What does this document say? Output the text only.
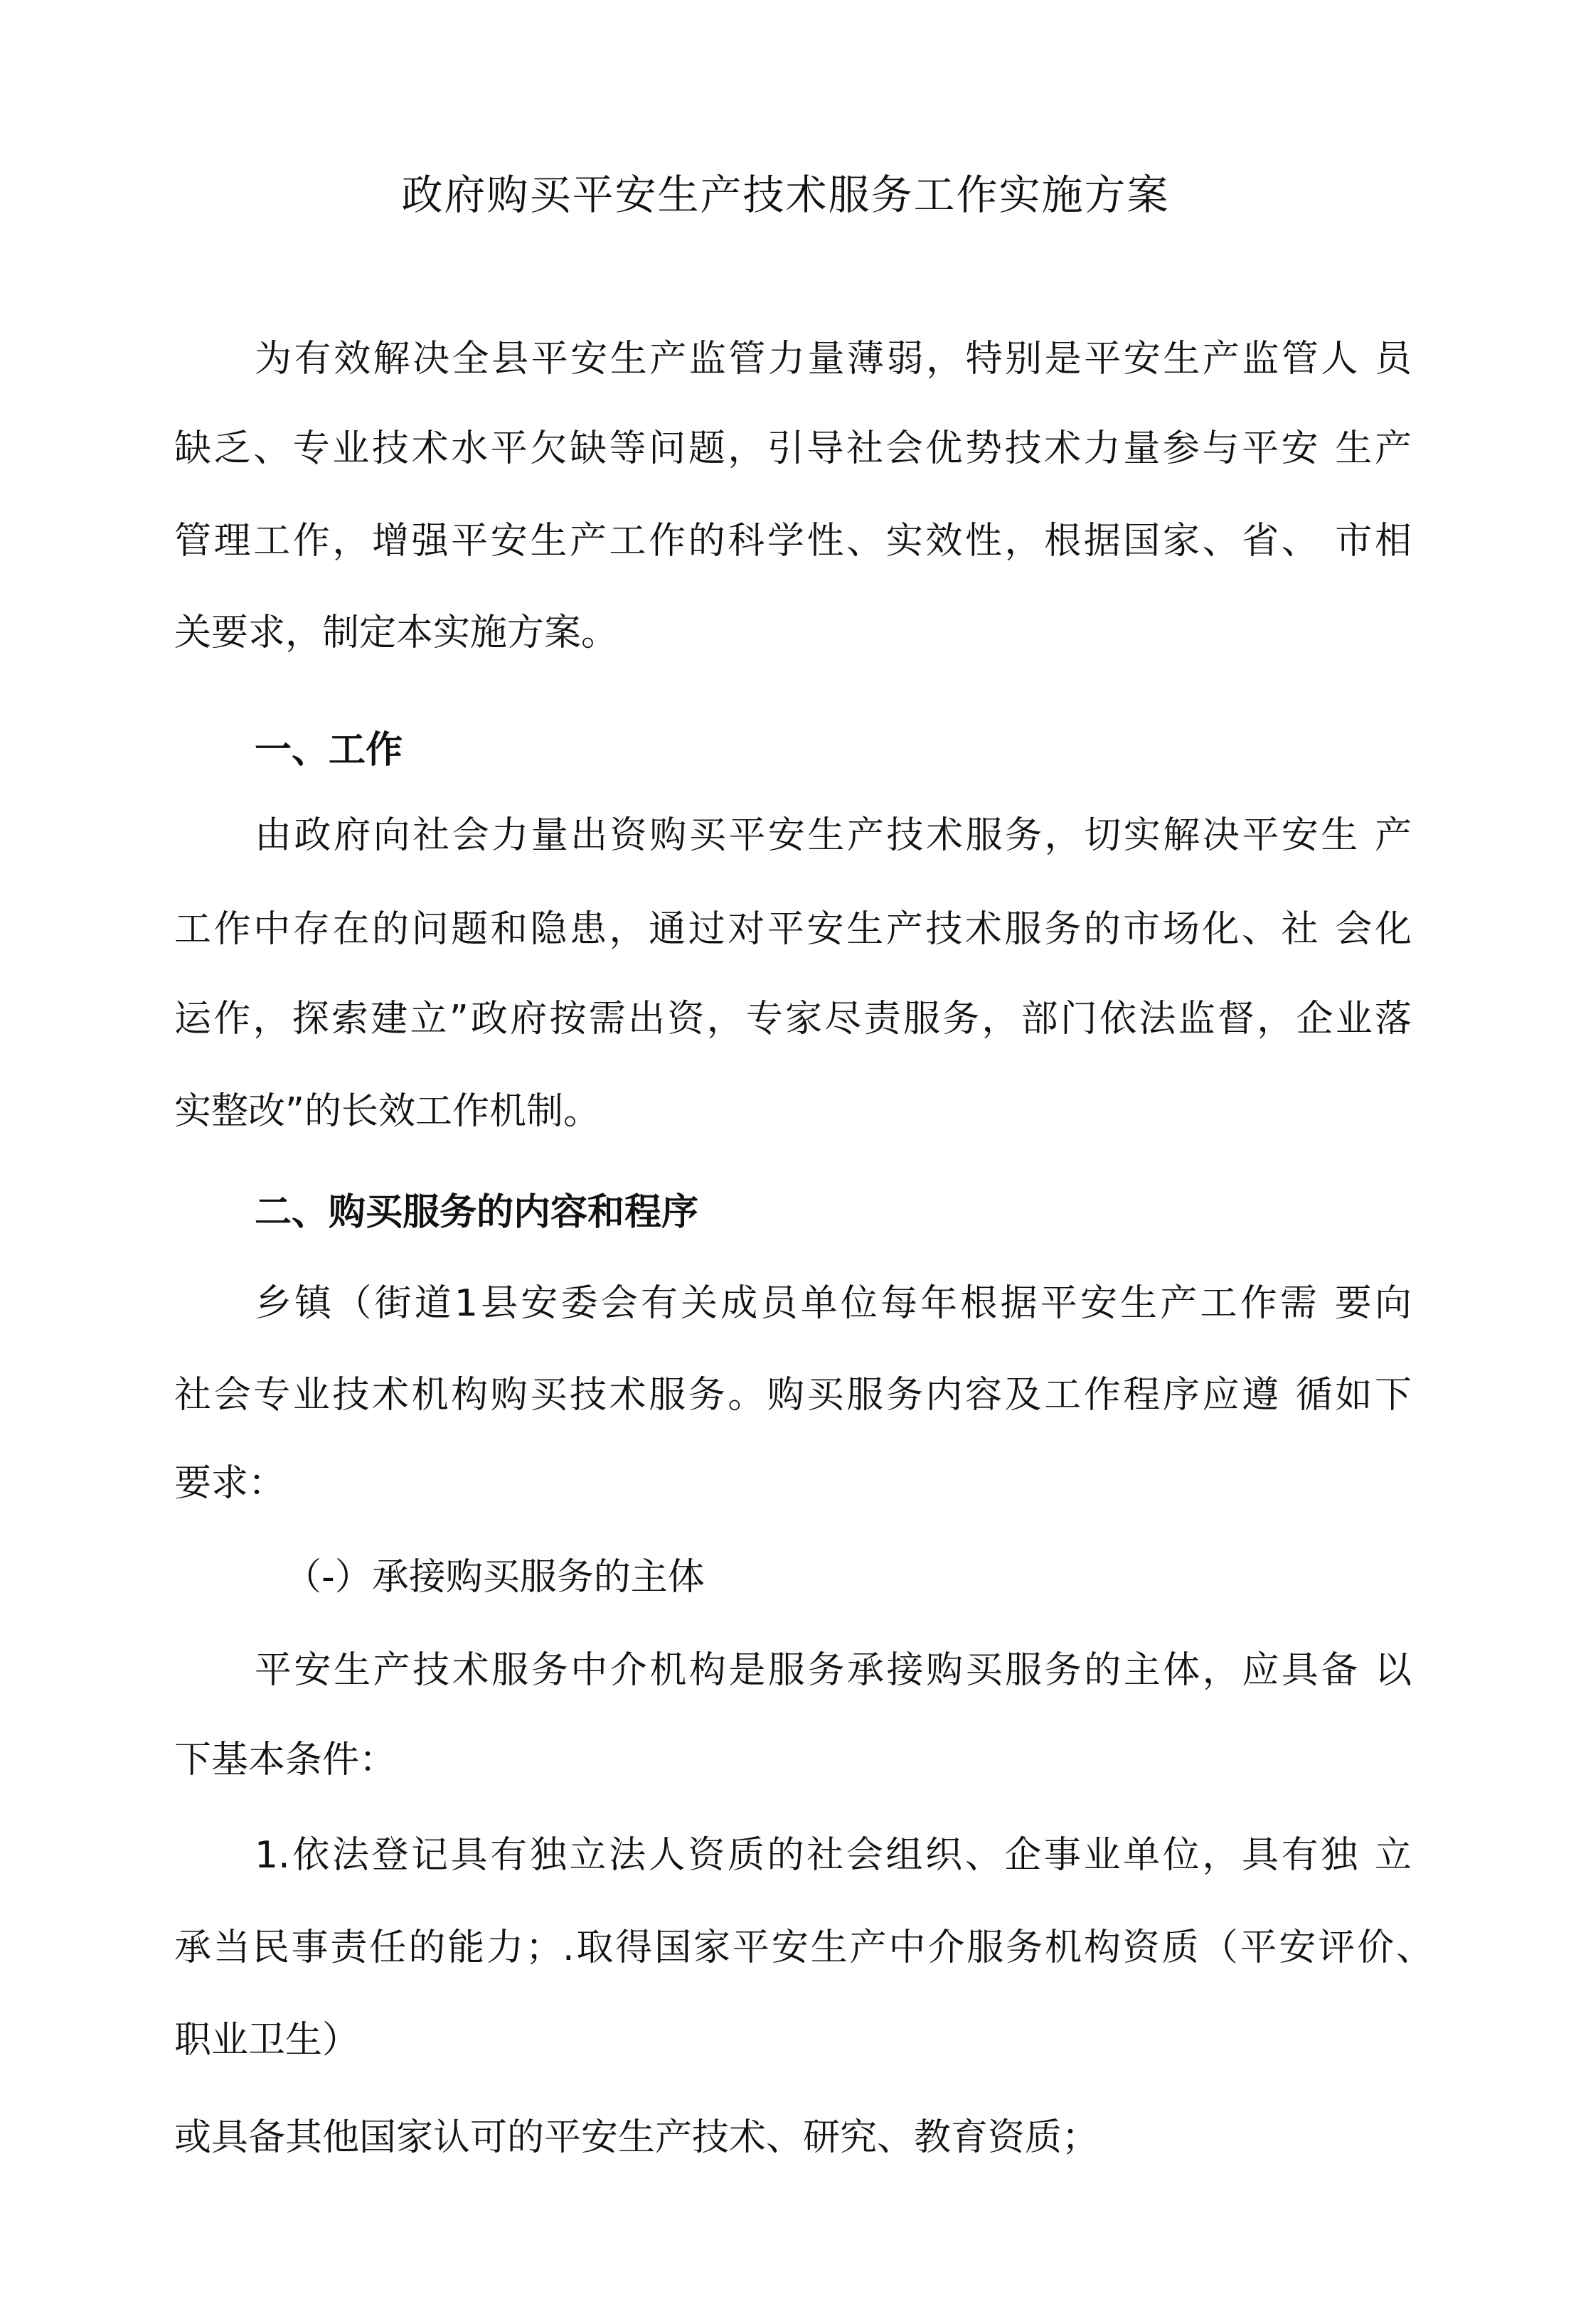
政府购买平安生产技术服务工作实施方案

为有效解决全县平安生产监管力量薄弱，特别是平安生产监管人 员

缺乏、专业技术水平欠缺等问题，引导社会优势技术力量参与平安 生产

管理工作，增强平安生产工作的科学性、实效性，根据国家、省、 市相

关要求，制定本实施方案。

一、工作

由政府向社会力量出资购买平安生产技术服务，切实解决平安生 产

工作中存在的问题和隐患，通过对平安生产技术服务的市场化、社 会化

运作，探索建立”政府按需出资，专家尽责服务，部门依法监督，企业落

实整改”的长效工作机制。

二、购买服务的内容和程序

乡镇（街道1县安委会有关成员单位每年根据平安生产工作需 要向

社会专业技术机构购买技术服务。购买服务内容及工作程序应遵 循如下

要求：

（-）承接购买服务的主体

平安生产技术服务中介机构是服务承接购买服务的主体，应具备 以

下基本条件：

1.依法登记具有独立法人资质的社会组织、企事业单位，具有独 立

承当民事责任的能力；.取得国家平安生产中介服务机构资质（平安评价、

职业卫生）

或具备其他国家认可的平安生产技术、研究、教育资质；
